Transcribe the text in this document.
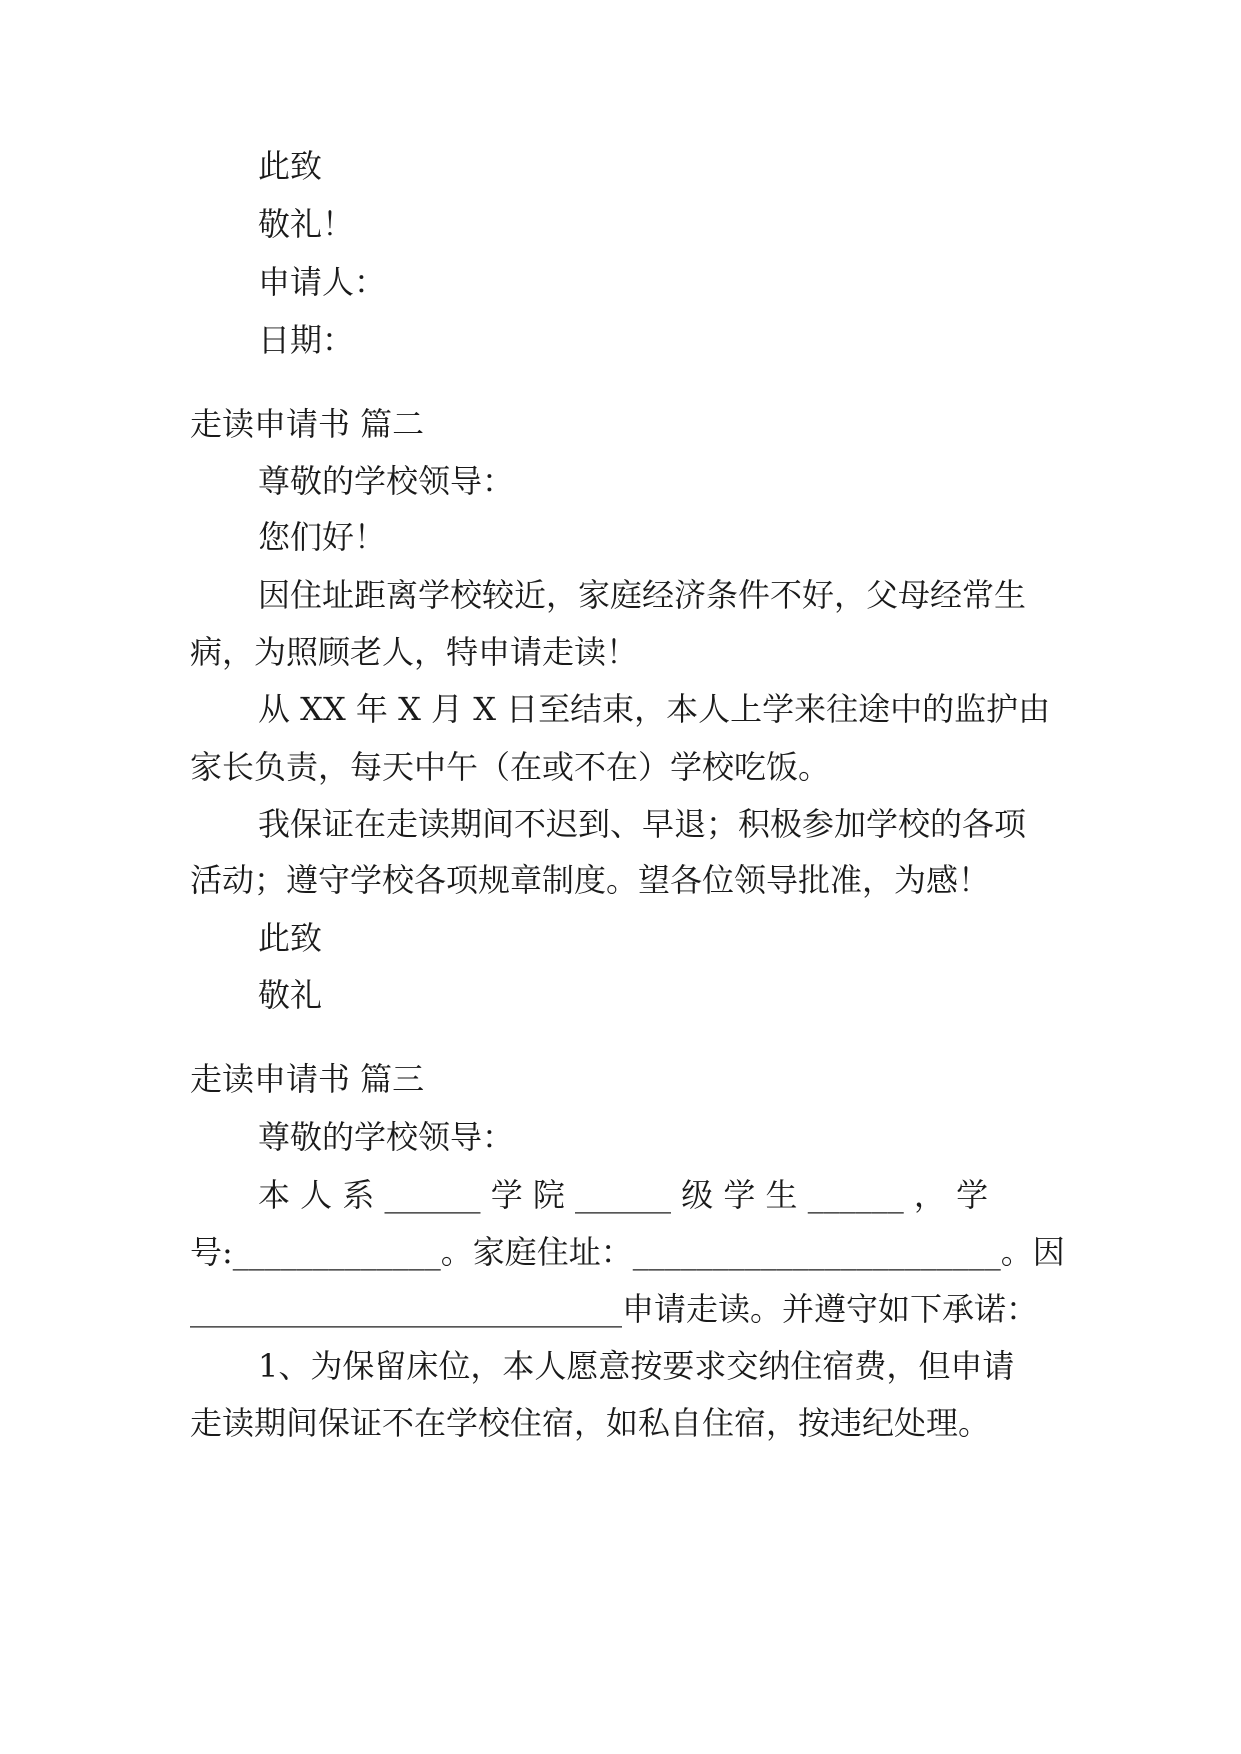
此致
敬礼！
申请人：
日期：
走读申请书 篇二
尊敬的学校领导：
您们好！
因住址距离学校较近，家庭经济条件不好，父母经常生
病，为照顾老人，特申请走读！
从 XX 年 X 月 X 日至结束，本人上学来往途中的监护由
家长负责，每天中午（在或不在）学校吃饭。
我保证在走读期间不迟到、早退；积极参加学校的各项
活动；遵守学校各项规章制度。望各位领导批准，为感！
此致
敬礼
走读申请书 篇三
尊敬的学校领导：
本 人 系 ______ 学 院 ______ 级 学 生 ______ ， 学
号:_____________。家庭住址：_______________________。因
___________________________申请走读。并遵守如下承诺：
1、为保留床位，本人愿意按要求交纳住宿费，但申请
走读期间保证不在学校住宿，如私自住宿，按违纪处理。
